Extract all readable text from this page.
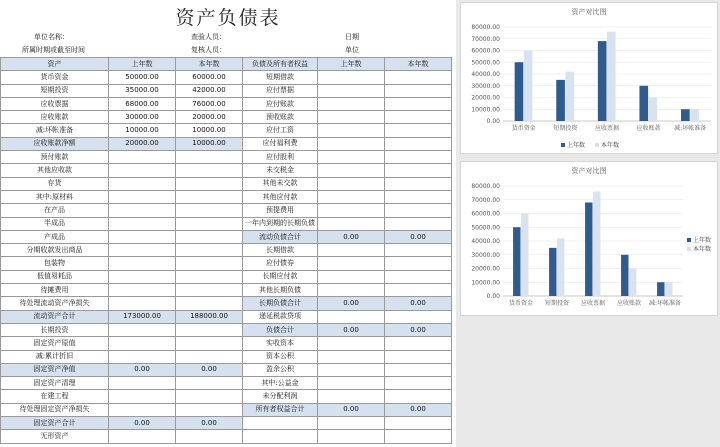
资产负债表
单位名称：	查验人员：	日期
所属时期或截至时间	复核人员：	单位
资产	上年数	本年数	负债及所有者权益	上年数	本年数
货币资金	50000.00	60000.00	短期借款		
短期投资	35000.00	42000.00	应付票据		
应收票据	68000.00	76000.00	应付账款		
应收账款	30000.00	20000.00	预收账款		
减:坏帐准备	10000.00	10000.00	应付工资		
应收账款净额	20000.00	10000.00	应付福利费		
预付账款			应付股利		
其他应收款			未交税金		
存货			其他未交款		
其中:原材料			其他应付款		
在产品			预提费用		
半成品			一年内到期的长期负债		
产成品			流动负债合计	0.00	0.00
分期收款发出商品			长期借款		
包装物			应付债券		
低值易耗品			长期应付款		
待摊费用			其他长期负债		
待处理流动资产净损失			长期负债合计	0.00	0.00
流动资产合计	173000.00	188000.00	递延税款贷项		
长期投资			负债合计	0.00	0.00
固定资产原值			实收资本		
减:累计折旧			资本公积		
固定资产净值	0.00	0.00	盈余公积		
固定资产清理			其中:公益金		
在建工程			未分配利润		
待处理固定资产净损失			所有者权益合计	0.00	0.00
固定资产合计	0.00	0.00			
无形资产					
资产对比图
0.00
10000.00
20000.00
30000.00
40000.00
50000.00
60000.00
70000.00
80000.00
货币资金	短期投资	应收票据	应收账款 减:坏帐准备
上年数	本年数
资产对比图
0.00
10000.00
20000.00
30000.00
40000.00
50000.00
60000.00
70000.00
80000.00
货币资金 短期投资 应收票据 应收账款 减:坏帐准备
上年数
本年数
